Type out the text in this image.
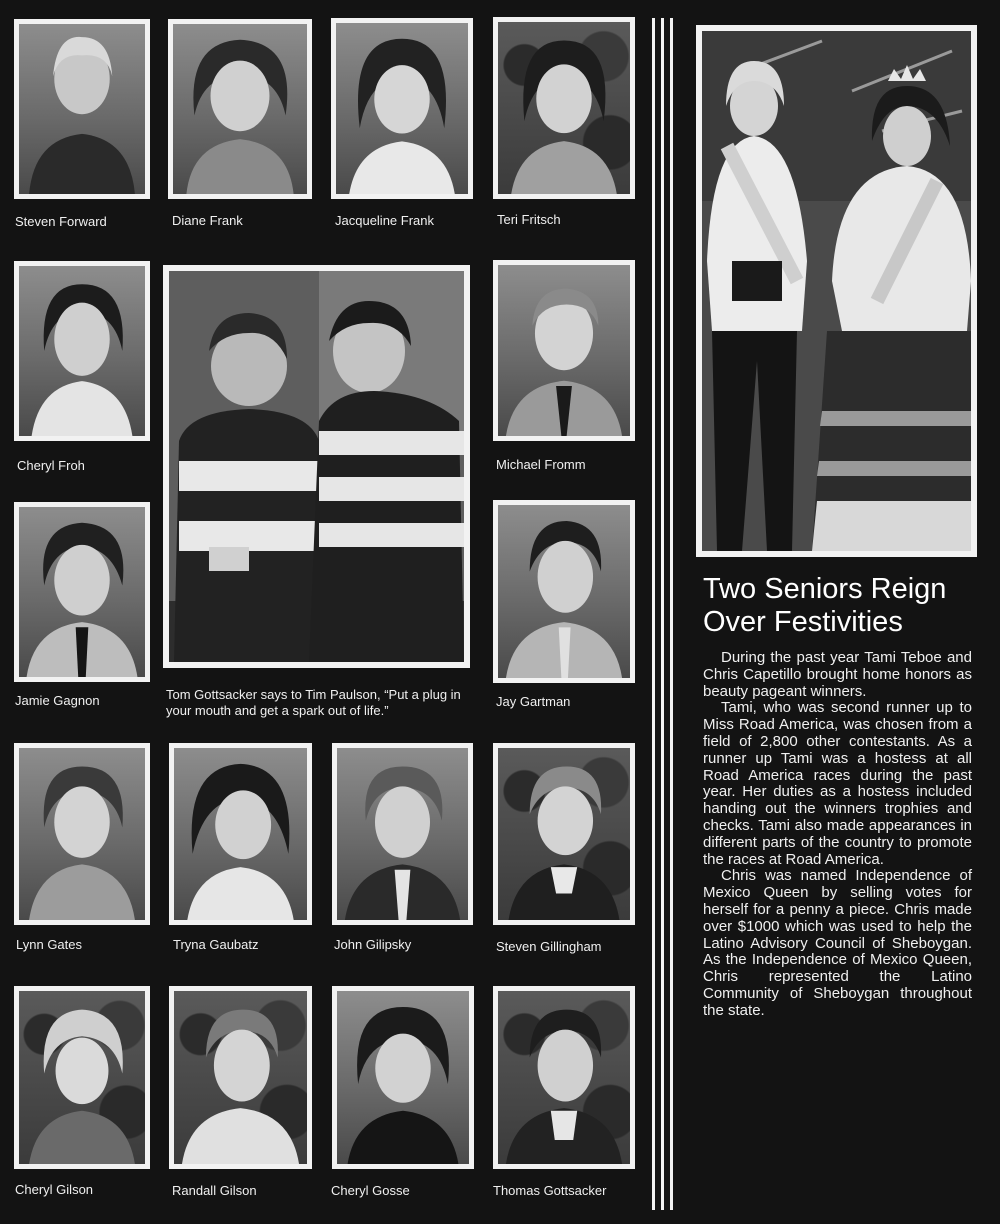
Steven Forward	Diane Frank	Jacqueline Frank	Teri Fritsch
Cheryl Froh
Tom Gottsacker says to Tim Paulson, “Put a plug in your mouth and get a spark out of life.”
Michael Fromm
Jamie Gagnon	Jay Gartman
Lynn Gates	Tryna Gaubatz	John Gilipsky	Steven Gillingham
Cheryl Gilson	Randall Gilson	Cheryl Gosse	Thomas Gottsacker
Two Seniors Reign
Over Festivities

During the past year Tami Teboe and Chris Capetillo brought home honors as beauty pageant winners.

Tami, who was second runner up to Miss Road America, was chosen from a field of 2,800 other contestants. As a runner up Tami was a hostess at all Road America races during the past year. Her duties as a hostess included handing out the winners trophies and checks. Tami also made appearances in different parts of the country to promote the races at Road America.

Chris was named Independence of Mexico Queen by selling votes for herself for a penny a piece. Chris made over $1000 which was used to help the Latino Advisory Council of Sheboygan. As the Independence of Mexico Queen, Chris represented the Latino Community of Sheboygan throughout the state.
